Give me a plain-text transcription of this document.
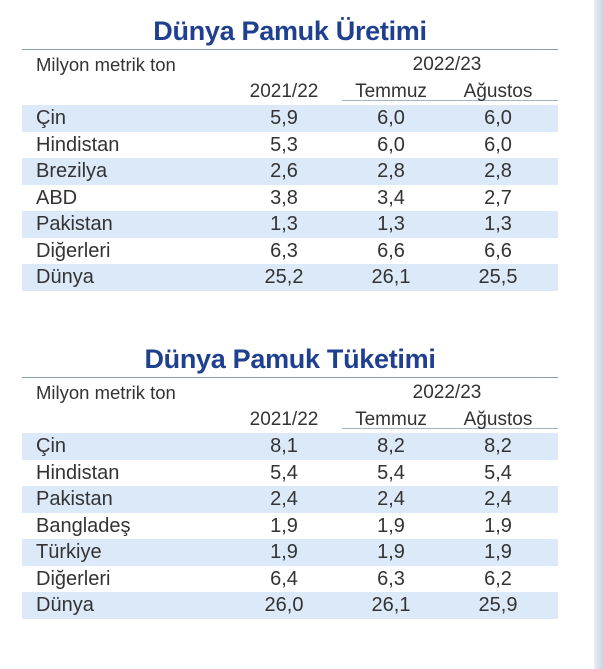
Dünya Pamuk Üretimi
Milyon metrik ton	2022/23
2021/22 Temmuz Ağustos
Çin	5,9	6,0	6,0
Hindistan	5,3	6,0	6,0
Brezilya	2,6	2,8	2,8
ABD	3,8	3,4	2,7
Pakistan	1,3	1,3	1,3
Diğerleri	6,3	6,6	6,6
Dünya	25,2	26,1	25,5
Dünya Pamuk Tüketimi
Milyon metrik ton	2022/23
2021/22 Temmuz Ağustos
Çin	8,1	8,2	8,2
Hindistan	5,4	5,4	5,4
Pakistan	2,4	2,4	2,4
Bangladeş	1,9	1,9	1,9
Türkiye	1,9	1,9	1,9
Diğerleri	6,4	6,3	6,2
Dünya	26,0	26,1	25,9
